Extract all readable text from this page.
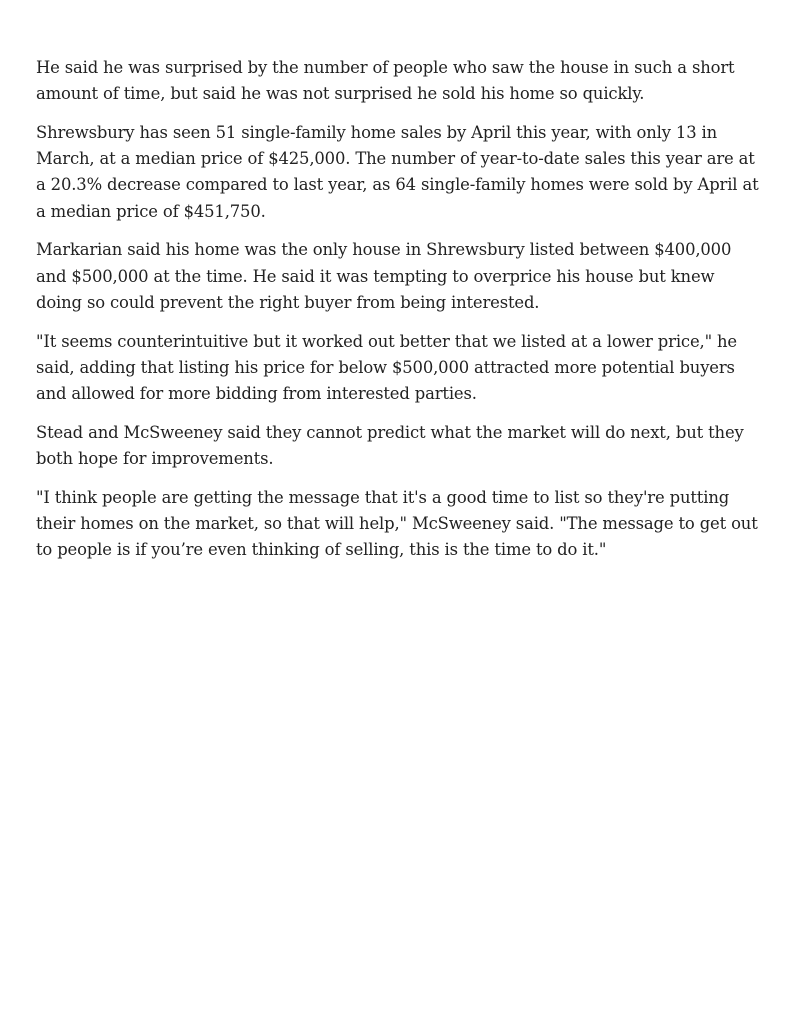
He said he was surprised by the number of people who saw the house in such a short amount of time, but said he was not surprised he sold his home so quickly.

Shrewsbury has seen 51 single-family home sales by April this year, with only 13 in March, at a median price of $425,000. The number of year-to-date sales this year are at a 20.3% decrease compared to last year, as 64 single-family homes were sold by April at a median price of $451,750.

Markarian said his home was the only house in Shrewsbury listed between $400,000 and $500,000 at the time. He said it was tempting to overprice his house but knew doing so could prevent the right buyer from being interested.

"It seems counterintuitive but it worked out better that we listed at a lower price," he said, adding that listing his price for below $500,000 attracted more potential buyers and allowed for more bidding from interested parties.

Stead and McSweeney said they cannot predict what the market will do next, but they both hope for improvements.

"I think people are getting the message that it's a good time to list so they're putting their homes on the market, so that will help," McSweeney said. "The message to get out to people is if you’re even thinking of selling, this is the time to do it."
